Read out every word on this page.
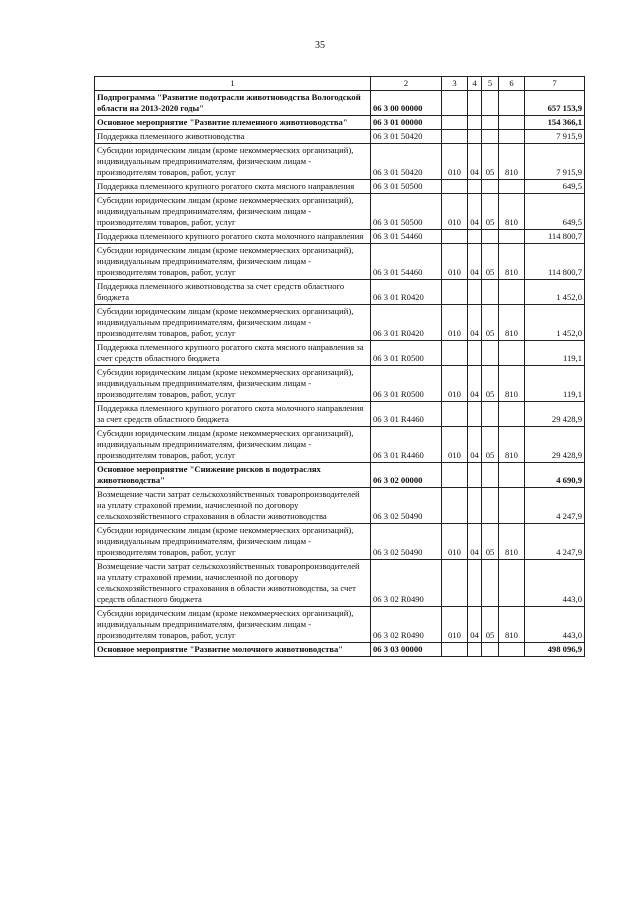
35
1	2	3	4	5	6	7
Подпрограмма "Развитие подотрасли животноводства Вологодской области на 2013-2020 годы"	06 3 00 00000					657 153,9
Основное мероприятие "Развитие племенного животноводства"	06 3 01 00000					154 366,1
Поддержка племенного животноводства	06 3 01 50420					7 915,9
Субсидии юридическим лицам (кроме некоммерческих организаций), индивидуальным предпринимателям, физическим лицам - производителям товаров, работ, услуг	06 3 01 50420	010	04	05	810	7 915,9
Поддержка племенного крупного рогатого скота мясного направления	06 3 01 50500					649,5
Субсидии юридическим лицам (кроме некоммерческих организаций), индивидуальным предпринимателям, физическим лицам - производителям товаров, работ, услуг	06 3 01 50500	010	04	05	810	649,5
Поддержка племенного крупного рогатого скота молочного направления	06 3 01 54460					114 800,7
Субсидии юридическим лицам (кроме некоммерческих организаций), индивидуальным предпринимателям, физическим лицам - производителям товаров, работ, услуг	06 3 01 54460	010	04	05	810	114 800,7
Поддержка племенного животноводства за счет средств областного бюджета	06 3 01 R0420					1 452,0
Субсидии юридическим лицам (кроме некоммерческих организаций), индивидуальным предпринимателям, физическим лицам - производителям товаров, работ, услуг	06 3 01 R0420	010	04	05	810	1 452,0
Поддержка племенного крупного рогатого скота мясного направления за счет средств областного бюджета	06 3 01 R0500					119,1
Субсидии юридическим лицам (кроме некоммерческих организаций), индивидуальным предпринимателям, физическим лицам - производителям товаров, работ, услуг	06 3 01 R0500	010	04	05	810	119,1
Поддержка племенного крупного рогатого скота молочного направления за счет средств областного бюджета	06 3 01 R4460					29 428,9
Субсидии юридическим лицам (кроме некоммерческих организаций), индивидуальным предпринимателям, физическим лицам - производителям товаров, работ, услуг	06 3 01 R4460	010	04	05	810	29 428,9
Основное мероприятие "Снижение рисков в подотраслях животноводства"	06 3 02 00000					4 690,9
Возмещение части затрат сельскохозяйственных товаропроизводителей на уплату страховой премии, начисленной по договору сельскохозяйственного страхования в области животноводства	06 3 02 50490					4 247,9
Субсидии юридическим лицам (кроме некоммерческих организаций), индивидуальным предпринимателям, физическим лицам - производителям товаров, работ, услуг	06 3 02 50490	010	04	05	810	4 247,9
Возмещение части затрат сельскохозяйственных товаропроизводителей на уплату страховой премии, начисленной по договору сельскохозяйственного страхования в области животноводства, за счет средств областного бюджета	06 3 02 R0490					443,0
Субсидии юридическим лицам (кроме некоммерческих организаций), индивидуальным предпринимателям, физическим лицам - производителям товаров, работ, услуг	06 3 02 R0490	010	04	05	810	443,0
Основное мероприятие "Развитие молочного животноводства"	06 3 03 00000					498 096,9
